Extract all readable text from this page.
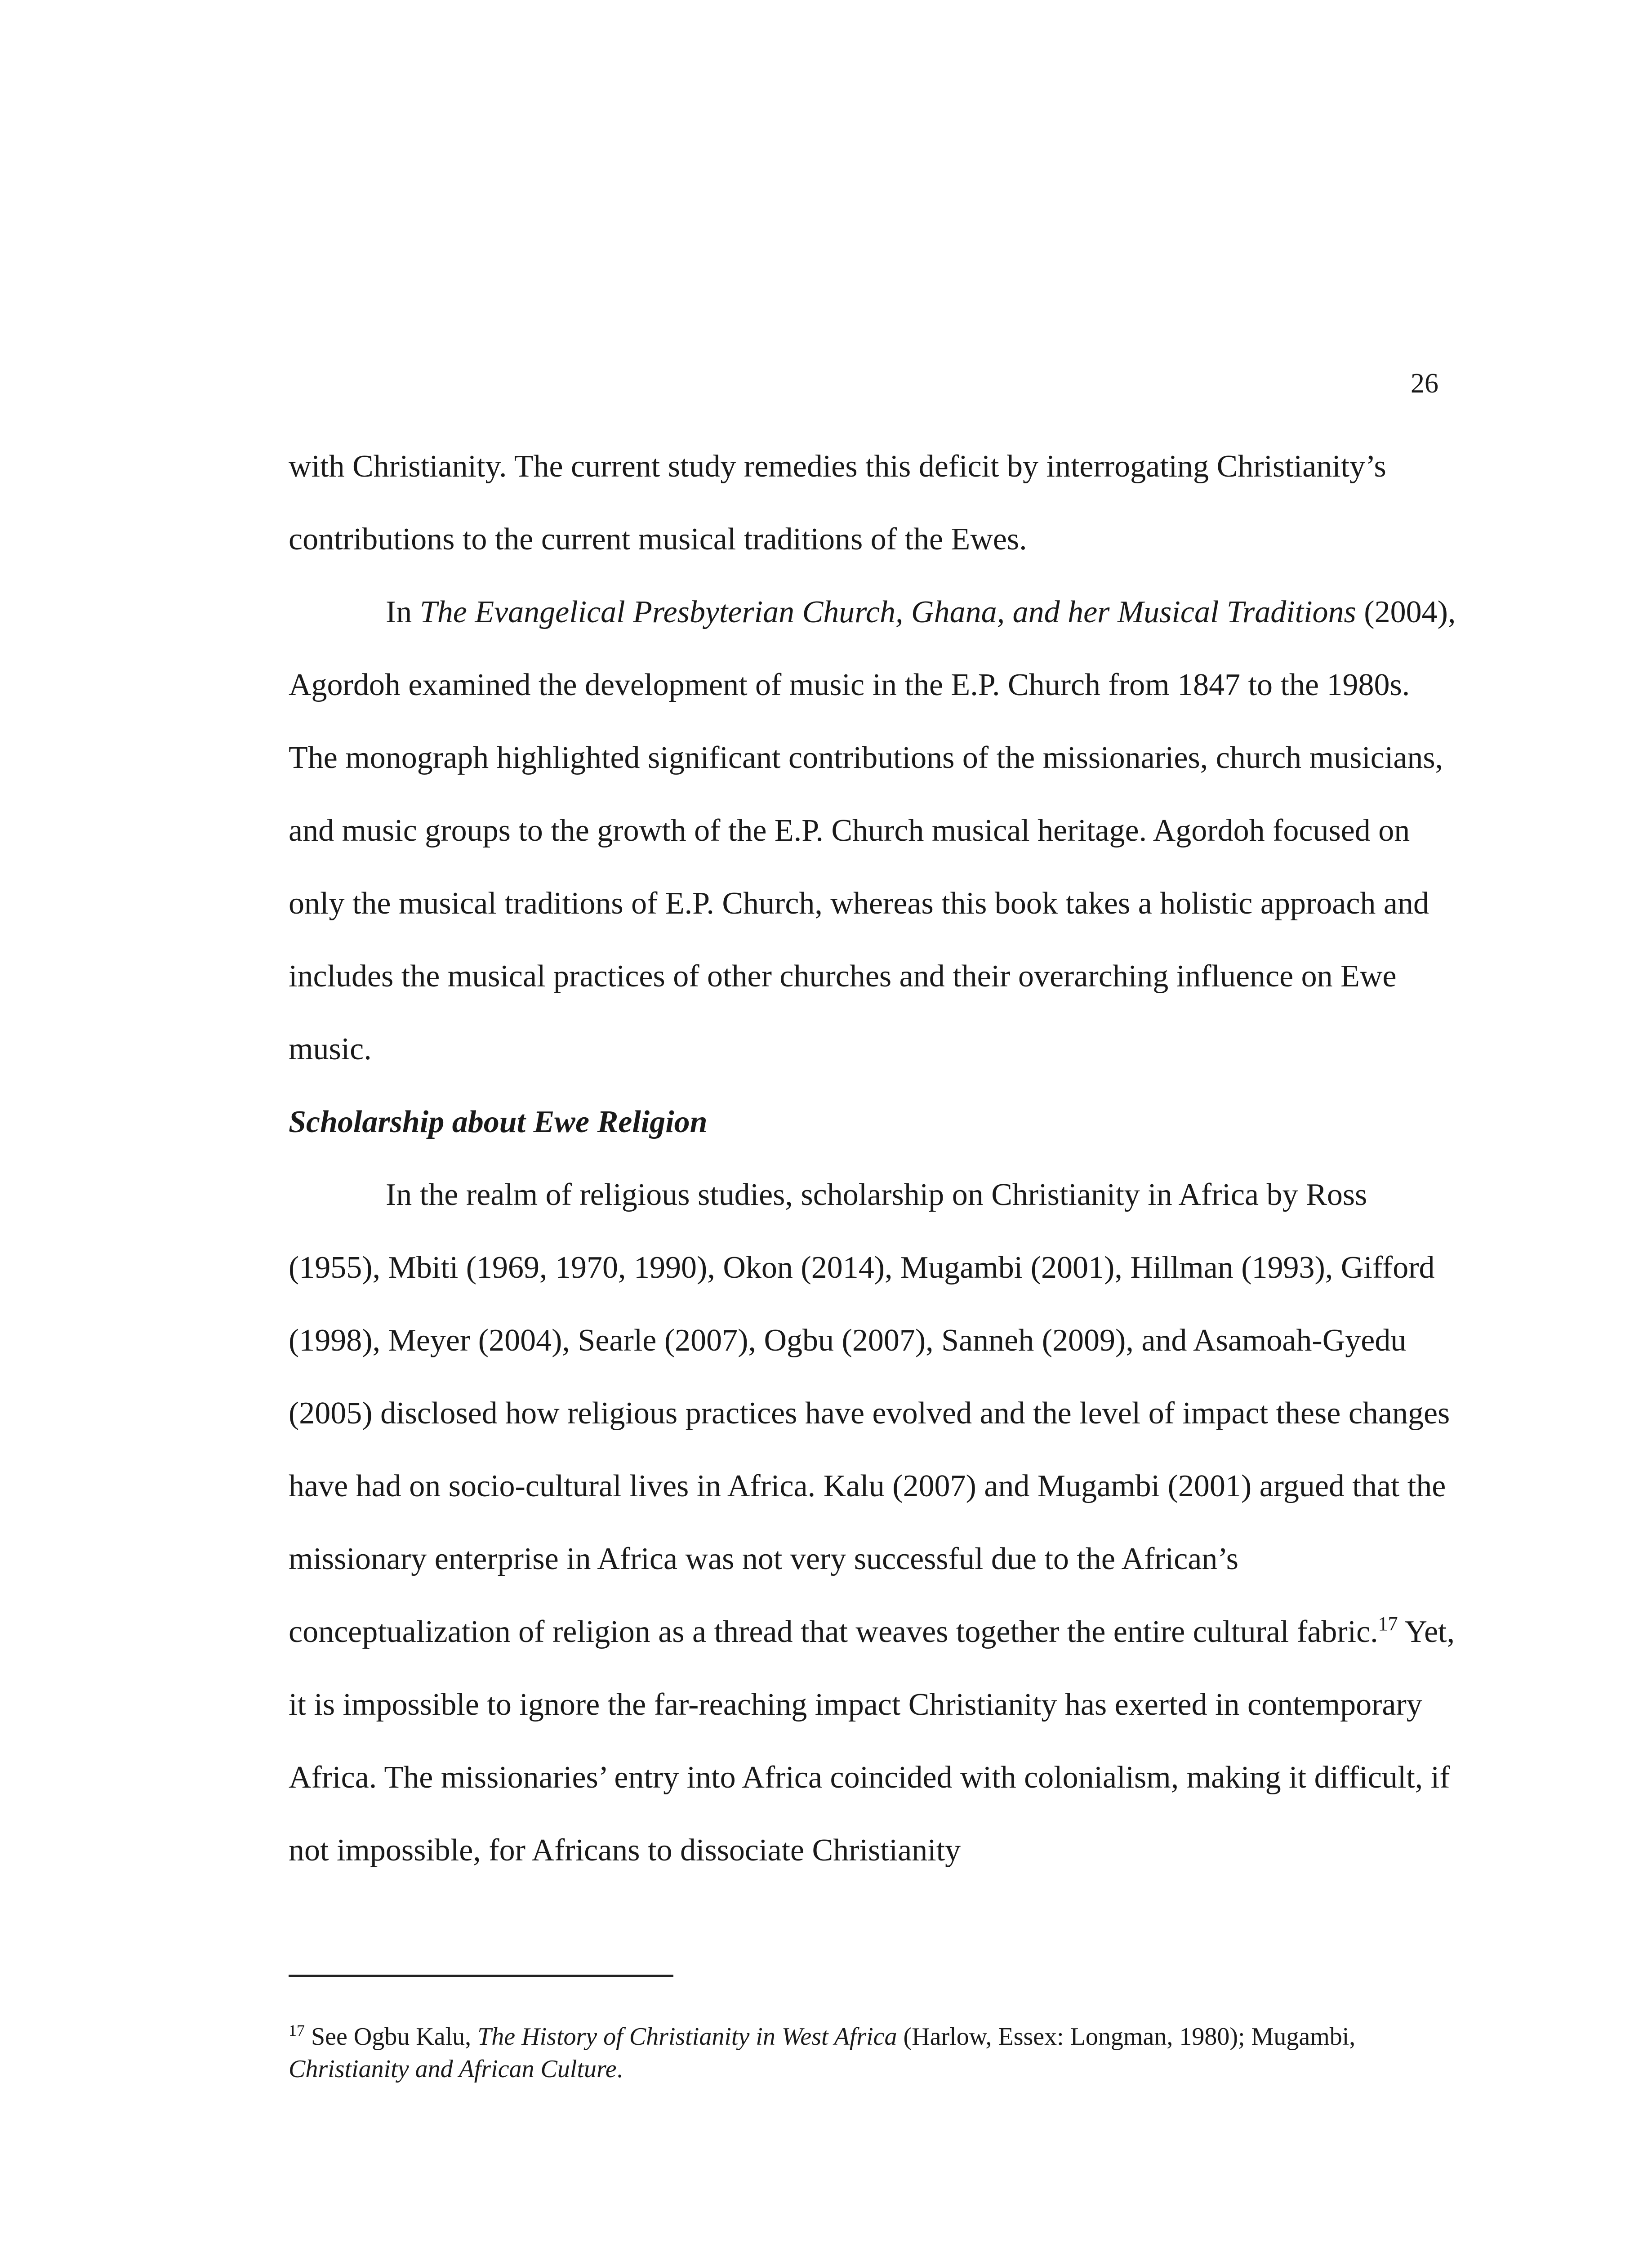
26

with Christianity. The current study remedies this deficit by interrogating Christianity’s contributions to the current musical traditions of the Ewes.

In The Evangelical Presbyterian Church, Ghana, and her Musical Traditions (2004), Agordoh examined the development of music in the E.P. Church from 1847 to the 1980s. The monograph highlighted significant contributions of the missionaries, church musicians, and music groups to the growth of the E.P. Church musical heritage. Agordoh focused on only the musical traditions of E.P. Church, whereas this book takes a holistic approach and includes the musical practices of other churches and their overarching influence on Ewe music.

Scholarship about Ewe Religion

In the realm of religious studies, scholarship on Christianity in Africa by Ross (1955), Mbiti (1969, 1970, 1990), Okon (2014), Mugambi (2001), Hillman (1993), Gifford (1998), Meyer (2004), Searle (2007), Ogbu (2007), Sanneh (2009), and Asamoah-Gyedu (2005) disclosed how religious practices have evolved and the level of impact these changes have had on socio-cultural lives in Africa. Kalu (2007) and Mugambi (2001) argued that the missionary enterprise in Africa was not very successful due to the African’s conceptualization of religion as a thread that weaves together the entire cultural fabric.$^{17}$ Yet, it is impossible to ignore the far-reaching impact Christianity has exerted in contemporary Africa. The missionaries’ entry into Africa coincided with colonialism, making it difficult, if not impossible, for Africans to dissociate Christianity

$^{17}$ See Ogbu Kalu, The History of Christianity in West Africa (Harlow, Essex: Longman, 1980); Mugambi, Christianity and African Culture.
